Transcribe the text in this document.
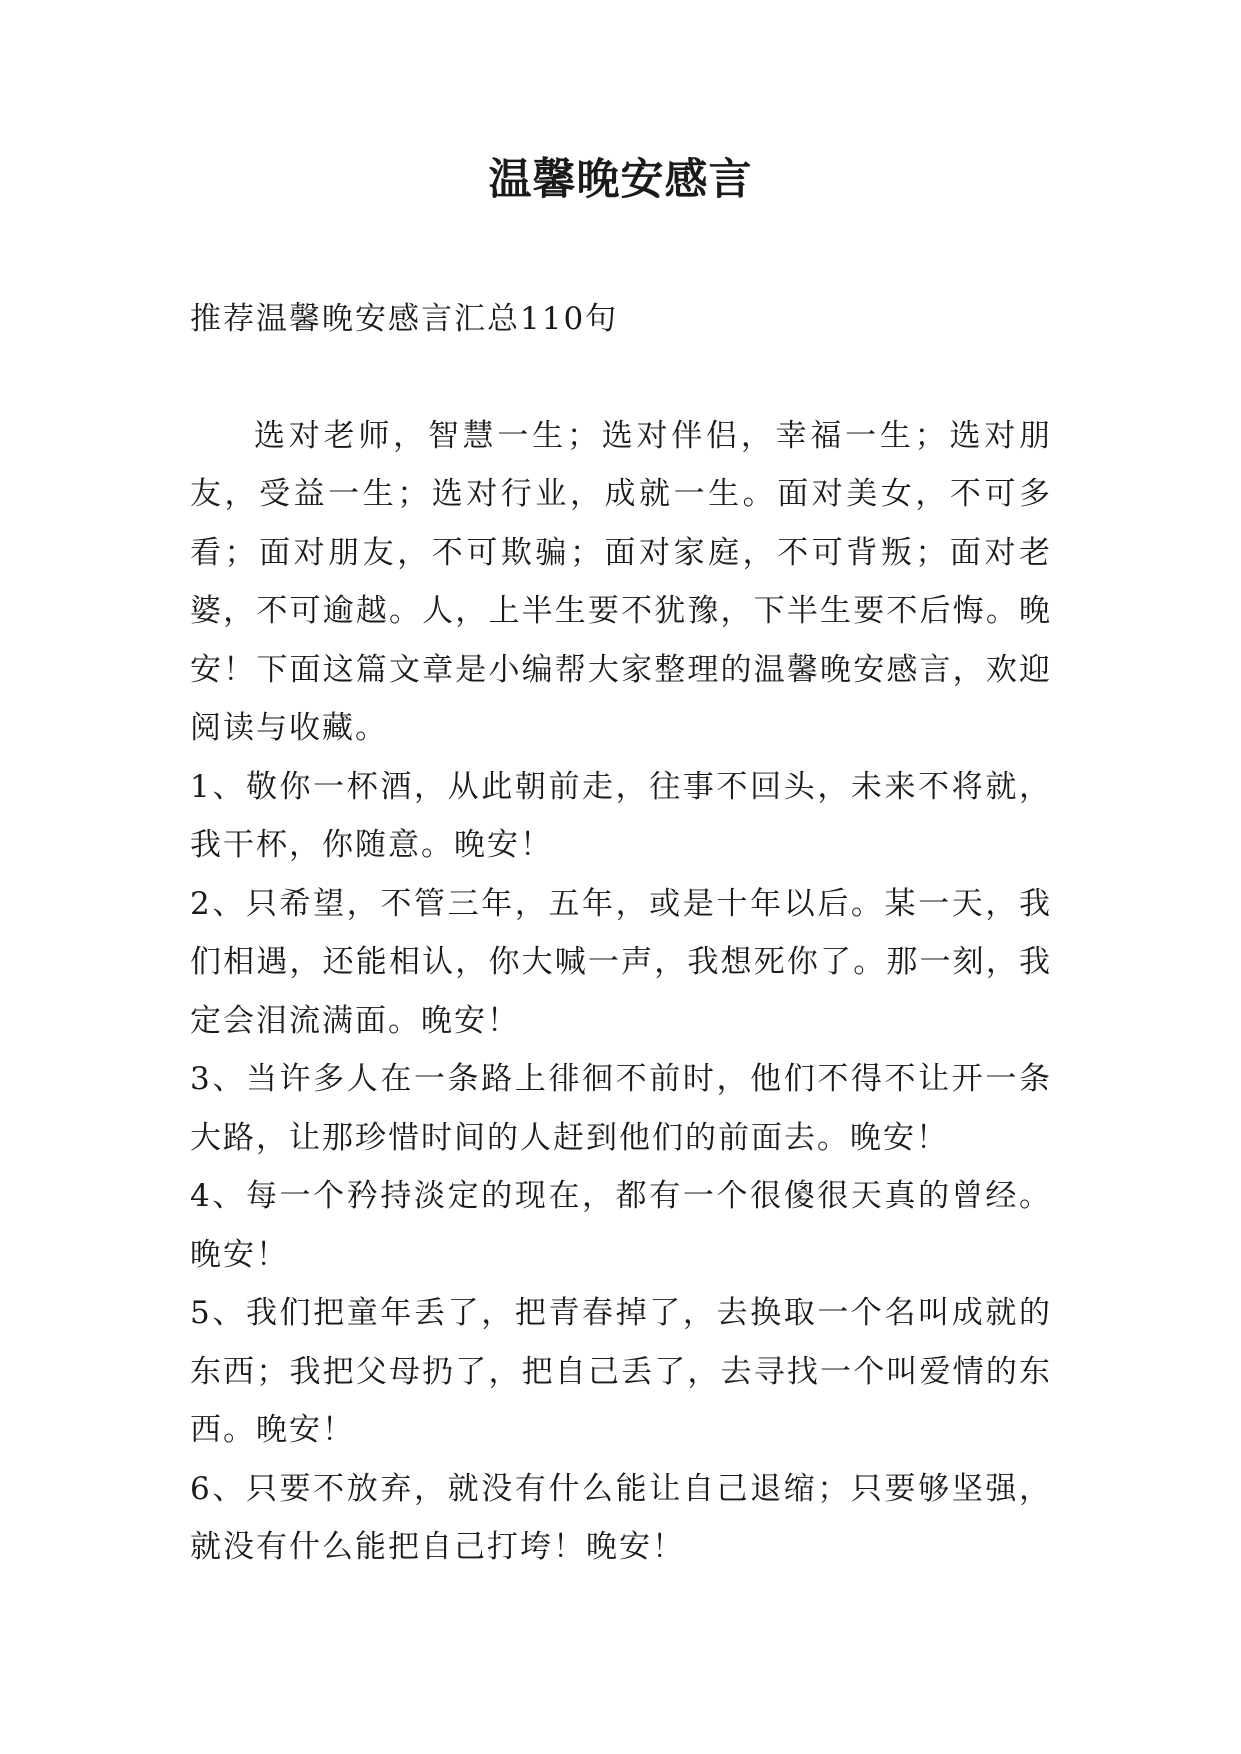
温馨晚安感言

推荐温馨晚安感言汇总110句

选对老师，智慧一生；选对伴侣，幸福一生；选对朋友，受益一生；选对行业，成就一生。面对美女，不可多看；面对朋友，不可欺骗；面对家庭，不可背叛；面对老婆，不可逾越。人，上半生要不犹豫，下半生要不后悔。晚安！下面这篇文章是小编帮大家整理的温馨晚安感言，欢迎阅读与收藏。

1、敬你一杯酒，从此朝前走，往事不回头，未来不将就，我干杯，你随意。晚安！

2、只希望，不管三年，五年，或是十年以后。某一天，我们相遇，还能相认，你大喊一声，我想死你了。那一刻，我定会泪流满面。晚安！

3、当许多人在一条路上徘徊不前时，他们不得不让开一条大路，让那珍惜时间的人赶到他们的前面去。晚安！

4、每一个矜持淡定的现在，都有一个很傻很天真的曾经。晚安！

5、我们把童年丢了，把青春掉了，去换取一个名叫成就的东西；我把父母扔了，把自己丢了，去寻找一个叫爱情的东西。晚安！

6、只要不放弃，就没有什么能让自己退缩；只要够坚强，就没有什么能把自己打垮！晚安！
